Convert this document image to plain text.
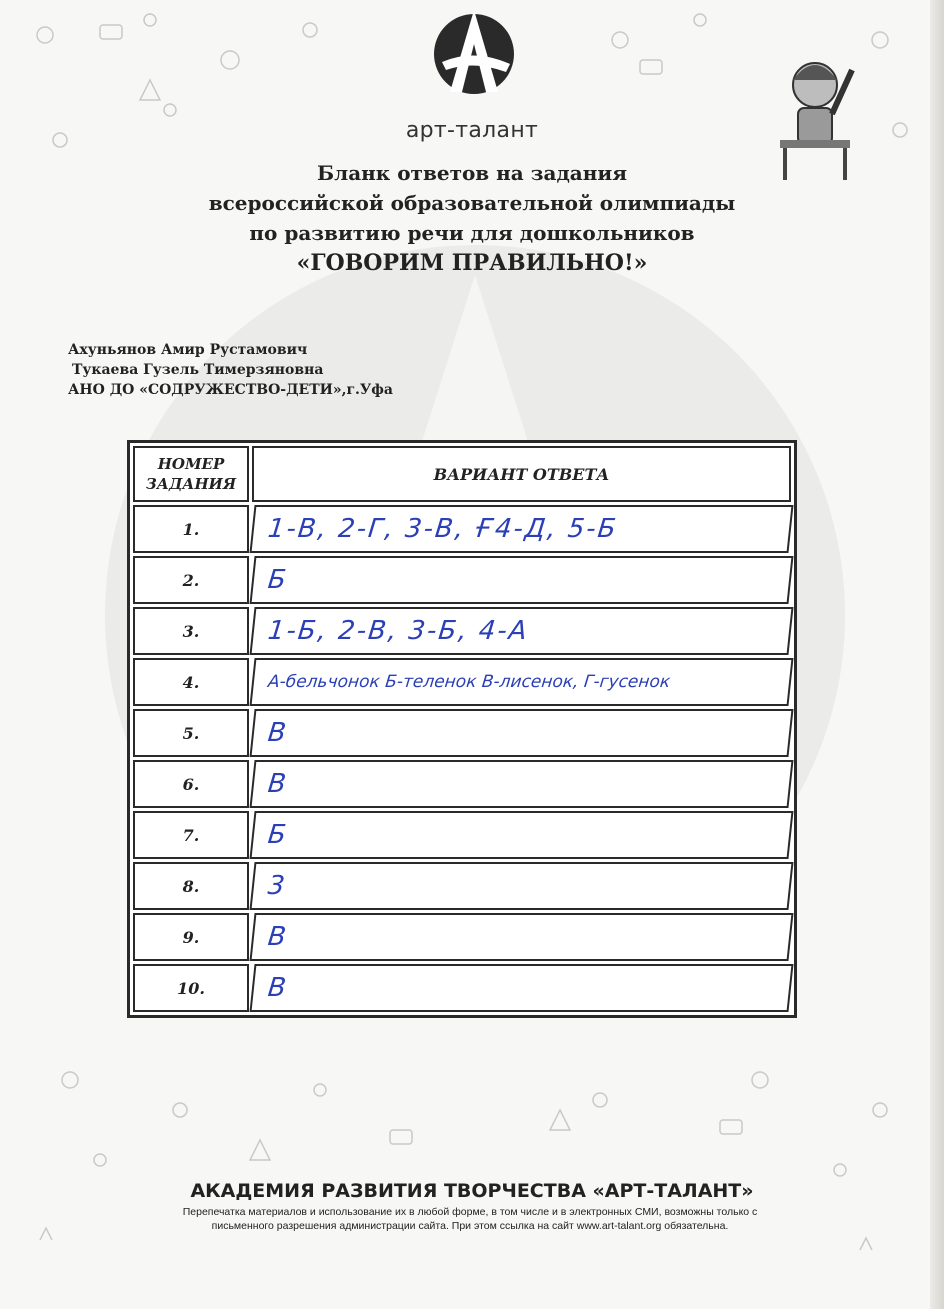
арт-талант
Бланк ответов на задания
всероссийской образовательной олимпиады
по развитию речи для дошкольников
«ГОВОРИМ ПРАВИЛЬНО!»
Ахуньянов Амир Рустамович
Тукаева Гузель Тимерзяновна
АНО ДО «СОДРУЖЕСТВО-ДЕТИ»,г.Уфа
НОМЕР ЗАДАНИЯ	ВАРИАНТ ОТВЕТА
1.	1-В, 2-Г, 3-В, Ғ4-Д, 5-Б
2.	Б
3.	1-Б, 2-В, 3-Б, 4-А
4.	А-бельчонок Б-теленок В-лисенок, Г-гусенок
5.	В
6.	В
7.	Б
8.	3
9.	В
10.	В
АКАДЕМИЯ РАЗВИТИЯ ТВОРЧЕСТВА «АРТ-ТАЛАНТ»
Перепечатка материалов и использование их в любой форме, в том числе и в электронных СМИ, возможны только с
письменного разрешения администрации сайта. При этом ссылка на сайт www.art-talant.org обязательна.
